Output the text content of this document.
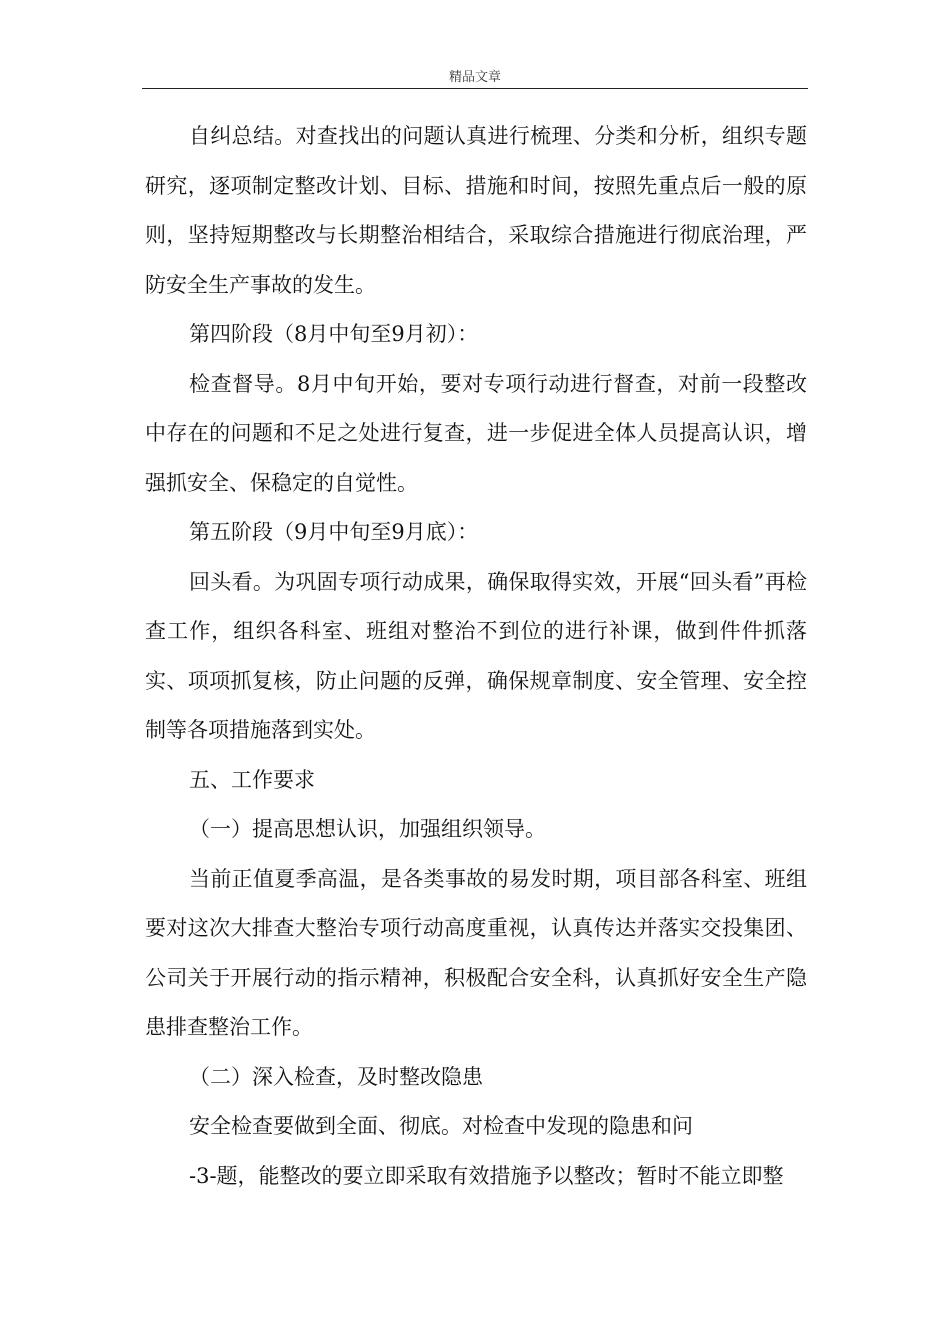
精品文章

自纠总结。对查找出的问题认真进行梳理、分类和分析，组织专题研究，逐项制定整改计划、目标、措施和时间，按照先重点后一般的原则，坚持短期整改与长期整治相结合，采取综合措施进行彻底治理，严防安全生产事故的发生。

第四阶段（8月中旬至9月初）：

检查督导。8月中旬开始，要对专项行动进行督查，对前一段整改中存在的问题和不足之处进行复查，进一步促进全体人员提高认识，增强抓安全、保稳定的自觉性。

第五阶段（9月中旬至9月底）：

回头看。为巩固专项行动成果，确保取得实效，开展“回头看”再检查工作，组织各科室、班组对整治不到位的进行补课，做到件件抓落实、项项抓复核，防止问题的反弹，确保规章制度、安全管理、安全控制等各项措施落到实处。

五、工作要求

（一）提高思想认识，加强组织领导。

当前正值夏季高温，是各类事故的易发时期，项目部各科室、班组要对这次大排查大整治专项行动高度重视，认真传达并落实交投集团、公司关于开展行动的指示精神，积极配合安全科，认真抓好安全生产隐患排查整治工作。

（二）深入检查，及时整改隐患

安全检查要做到全面、彻底。对检查中发现的隐患和问

-3-题，能整改的要立即采取有效措施予以整改；暂时不能立即整
